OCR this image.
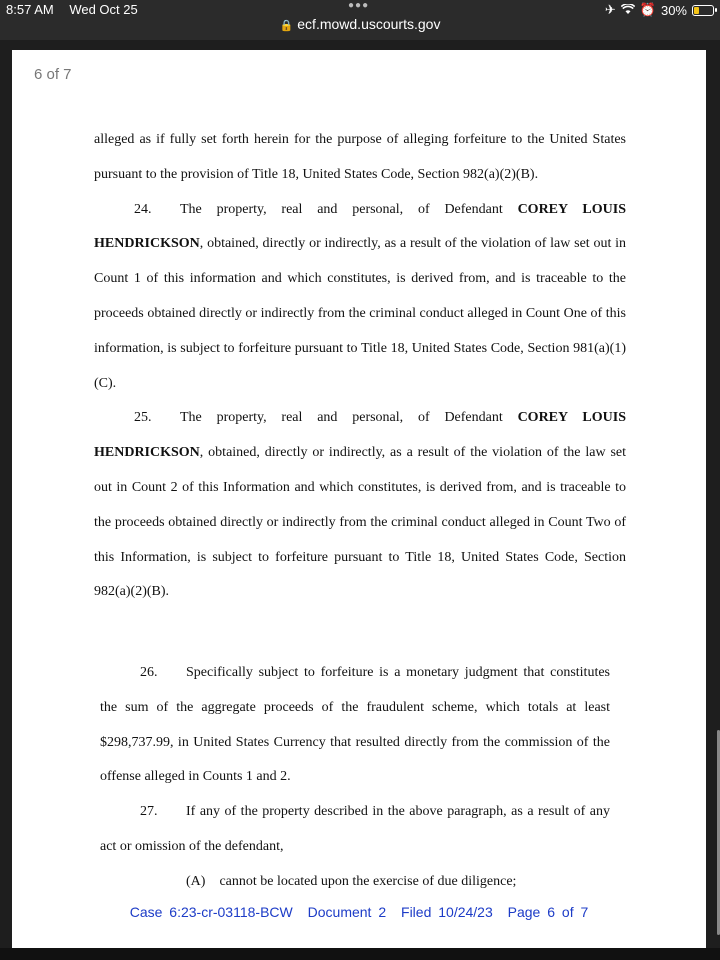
8:57 AM Wed Oct 25	●●●	✈ ⏰ 30%
🔒 ecf.mowd.uscourts.gov
6 of 7

alleged as if fully set forth herein for the purpose of alleging forfeiture to the United States pursuant to the provision of Title 18, United States Code, Section 982(a)(2)(B).

24. The property, real and personal, of Defendant COREY LOUIS HENDRICKSON, obtained, directly or indirectly, as a result of the violation of law set out in Count 1 of this information and which constitutes, is derived from, and is traceable to the proceeds obtained directly or indirectly from the criminal conduct alleged in Count One of this information, is subject to forfeiture pursuant to Title 18, United States Code, Section 981(a)(1)(C).

25. The property, real and personal, of Defendant COREY LOUIS HENDRICKSON, obtained, directly or indirectly, as a result of the violation of the law set out in Count 2 of this Information and which constitutes, is derived from, and is traceable to the proceeds obtained directly or indirectly from the criminal conduct alleged in Count Two of this Information, is subject to forfeiture pursuant to Title 18, United States Code, Section 982(a)(2)(B).

26. Specifically subject to forfeiture is a monetary judgment that constitutes the sum of the aggregate proceeds of the fraudulent scheme, which totals at least $298,737.99, in United States Currency that resulted directly from the commission of the offense alleged in Counts 1 and 2.

27. If any of the property described in the above paragraph, as a result of any act or omission of the defendant,

(A) cannot be located upon the exercise of due diligence;

Case 6:23-cr-03118-BCW Document 2 Filed 10/24/23 Page 6 of 7
